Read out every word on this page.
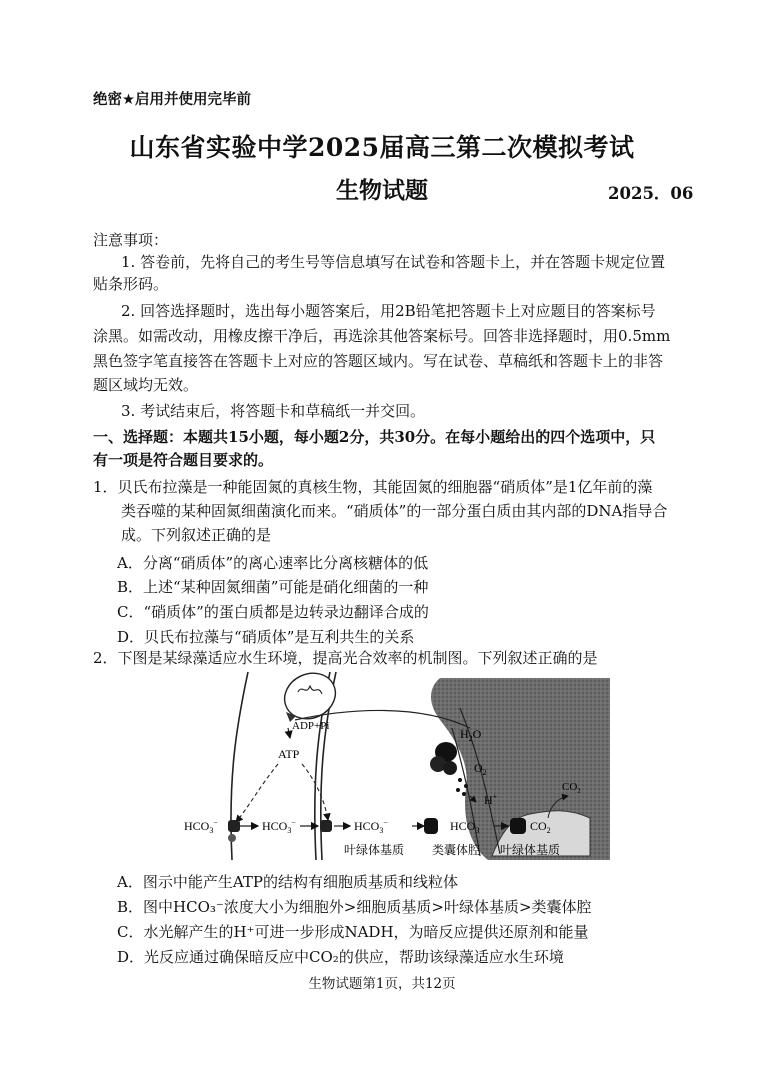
绝密★启用并使用完毕前
山东省实验中学2025届高三第二次模拟考试
生物试题	2025．06
注意事项：
1. 答卷前，先将自己的考生号等信息填写在试卷和答题卡上，并在答题卡规定位置
贴条形码。
2. 回答选择题时，选出每小题答案后，用2B铅笔把答题卡上对应题目的答案标号
涂黑。如需改动，用橡皮擦干净后，再选涂其他答案标号。回答非选择题时，用0.5mm
黑色签字笔直接答在答题卡上对应的答题区域内。写在试卷、草稿纸和答题卡上的非答
题区域均无效。
3. 考试结束后，将答题卡和草稿纸一并交回。
一、选择题：本题共15小题，每小题2分，共30分。在每小题给出的四个选项中，只
有一项是符合题目要求的。
1．贝氏布拉藻是一种能固氮的真核生物，其能固氮的细胞器“硝质体”是1亿年前的藻
类吞噬的某种固氮细菌演化而来。“硝质体”的一部分蛋白质由其内部的DNA指导合
成。下列叙述正确的是
A．分离“硝质体”的离心速率比分离核糖体的低
B．上述“某种固氮细菌”可能是硝化细菌的一种
C．“硝质体”的蛋白质都是边转录边翻译合成的
D．贝氏布拉藻与“硝质体”是互利共生的关系
2．下图是某绿藻适应水生环境，提高光合效率的机制图。下列叙述正确的是
ADP+Pi
ATP
$H_2O$
$O_2$
H+
$CO_2$
$HCO_3^-$	$HCO_3^-$	$HCO_3^-$	$HCO_3$	$CO_2$
叶绿体基质 类囊体腔 叶绿体基质
A．图示中能产生ATP的结构有细胞质基质和线粒体
B．图中HCO₃⁻浓度大小为细胞外>细胞质基质>叶绿体基质>类囊体腔
C．水光解产生的H⁺可进一步形成NADH，为暗反应提供还原剂和能量
D．光反应通过确保暗反应中CO₂的供应，帮助该绿藻适应水生环境
生物试题第1页，共12页
